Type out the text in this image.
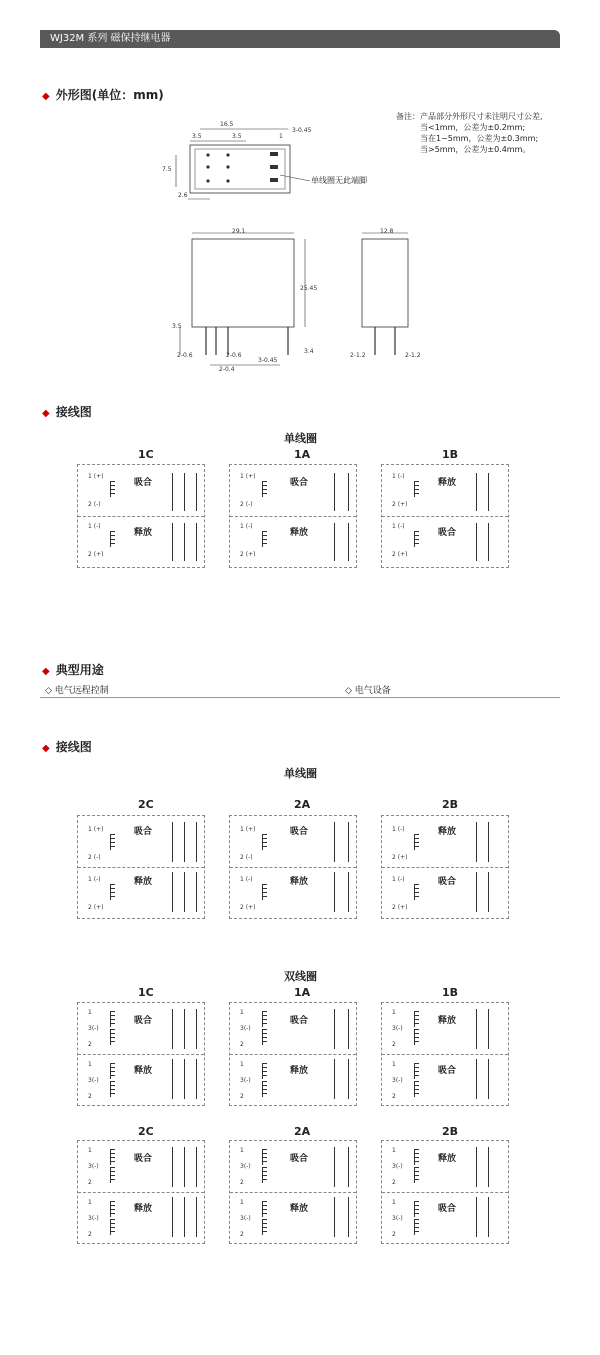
WJ32M 系列 磁保持继电器
◆ 外形图(单位：mm)
备注：产品部分外形尺寸未注明尺寸公差,
当<1mm，公差为±0.2mm;
当在1~5mm，公差为±0.3mm;
当>5mm，公差为±0.4mm。
16.5
3.5	3.5	1
3-0.45
7.5
2.6
单线圈无此端脚
29.1
25.45
3.5
2-0.6	2-0.6
2-0.4
3-0.45
3.4
12.8
2-1.2	2-1.2
◆ 接线图
单线圈
1C	1A	1B
1 (+)
2 (-)
吸合
1 (-)
2 (+)
释放
1 (+)
2 (-)
吸合
1 (-)
2 (+)
释放
1 (-)
2 (+)
释放
1 (-)
2 (+)
吸合
◆ 典型用途
◇ 电气远程控制	◇ 电气设备
◆ 接线图
单线圈
2C	2A	2B
1 (+)
2 (-)
吸合
1 (-)
2 (+)
释放
1 (+)
2 (-)
吸合
1 (-)
2 (+)
释放
1 (-)
2 (+)
释放
1 (-)
2 (+)
吸合
双线圈
1C	1A	1B
1
3(-)
2
吸合
1
3(-)
2
释放
1
3(-)
2
吸合
1
3(-)
2
释放
1
3(-)
2
释放
1
3(-)
2
吸合
2C	2A	2B
1
3(-)
2
吸合
1
3(-)
2
释放
1
3(-)
2
吸合
1
3(-)
2
释放
1
3(-)
2
释放
1
3(-)
2
吸合
